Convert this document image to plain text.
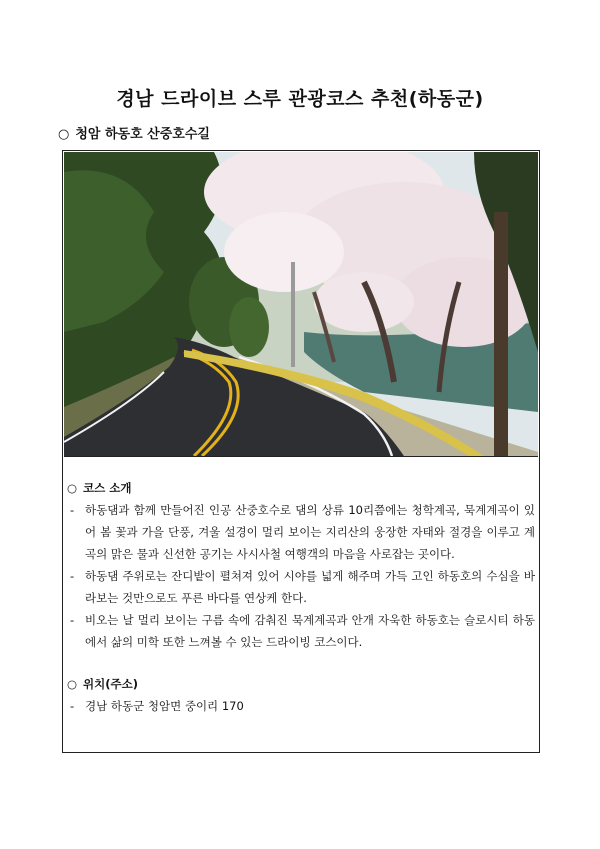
경남 드라이브 스루 관광코스 추천(하동군)
○ 청암 하동호 산중호수길
○ 코스 소개
- 하동댐과 함께 만들어진 인공 산중호수로 댐의 상류 10리쯤에는 청학계곡, 묵계계곡이 있어 봄 꽃과 가을 단풍, 겨울 설경이 멀리 보이는 지리산의 웅장한 자태와 절경을 이루고 계곡의 맑은 물과 신선한 공기는 사시사철 여행객의 마음을 사로잡는 곳이다.
- 하동댐 주위로는 잔디밭이 펼쳐져 있어 시야를 넓게 해주며 가득 고인 하동호의 수심을 바라보는 것만으로도 푸른 바다를 연상케 한다.
- 비오는 날 멀리 보이는 구름 속에 감춰진 묵계계곡과 안개 자욱한 하동호는 슬로시티 하동에서 삶의 미학 또한 느껴볼 수 있는 드라이빙 코스이다.
○ 위치(주소)
- 경남 하동군 청암면 중이리 170
